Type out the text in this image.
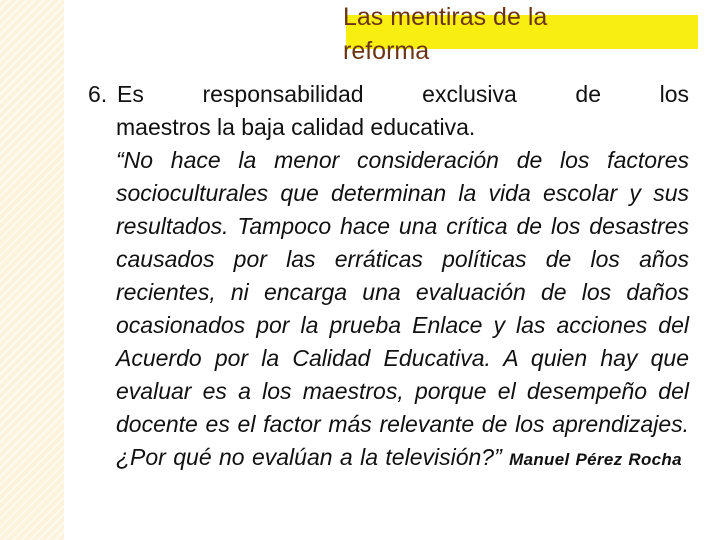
Las mentiras de la
reforma
6. Es responsabilidad exclusiva de los
maestros la baja calidad educativa.
“No hace la menor consideración de los factores socioculturales que determinan la vida escolar y sus resultados. Tampoco hace una crítica de los desastres causados por las erráticas políticas de los años recientes, ni encarga una evaluación de los daños ocasionados por la prueba Enlace y las acciones del Acuerdo por la Calidad Educativa. A quien hay que evaluar es a los maestros, porque el desempeño del docente es el factor más relevante de los aprendizajes. ¿Por qué no evalúan a la televisión?” Manuel Pérez Rocha
